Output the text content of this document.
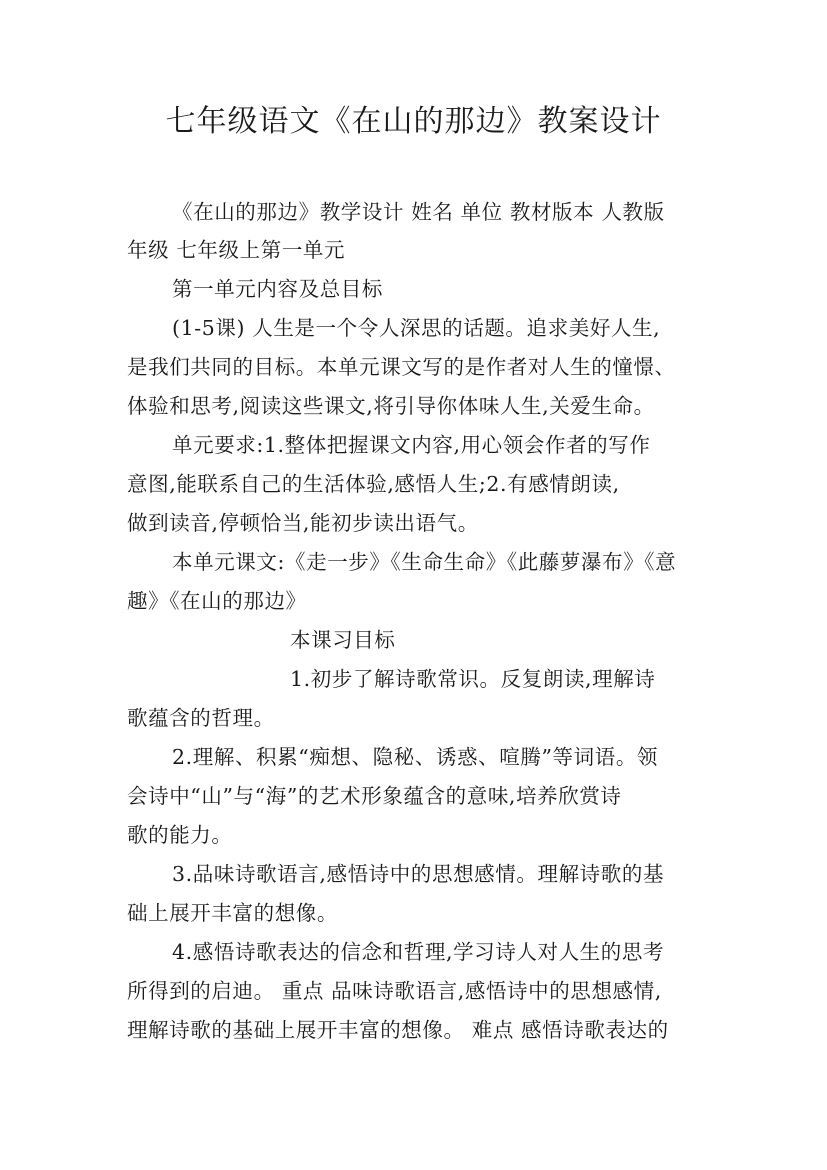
七年级语文《在山的那边》教案设计
《在山的那边》教学设计 姓名 单位 教材版本 人教版
年级 七年级上第一单元
第一单元内容及总目标
(1-5课) 人生是一个令人深思的话题。追求美好人生,
是我们共同的目标。本单元课文写的是作者对人生的憧憬、
体验和思考,阅读这些课文,将引导你体味人生,关爱生命。
单元要求:1.整体把握课文内容,用心领会作者的写作
意图,能联系自己的生活体验,感悟人生;2.有感情朗读,
做到读音,停顿恰当,能初步读出语气。
本单元课文:《走一步》《生命生命》《此藤萝瀑布》《意
趣》《在山的那边》
本课习目标
1.初步了解诗歌常识。反复朗读,理解诗
歌蕴含的哲理。
2.理解、积累“痴想、隐秘、诱惑、喧腾”等词语。领
会诗中“山”与“海”的艺术形象蕴含的意味,培养欣赏诗
歌的能力。
3.品味诗歌语言,感悟诗中的思想感情。理解诗歌的基
础上展开丰富的想像。
4.感悟诗歌表达的信念和哲理,学习诗人对人生的思考
所得到的启迪。 重点 品味诗歌语言,感悟诗中的思想感情,
理解诗歌的基础上展开丰富的想像。 难点 感悟诗歌表达的
